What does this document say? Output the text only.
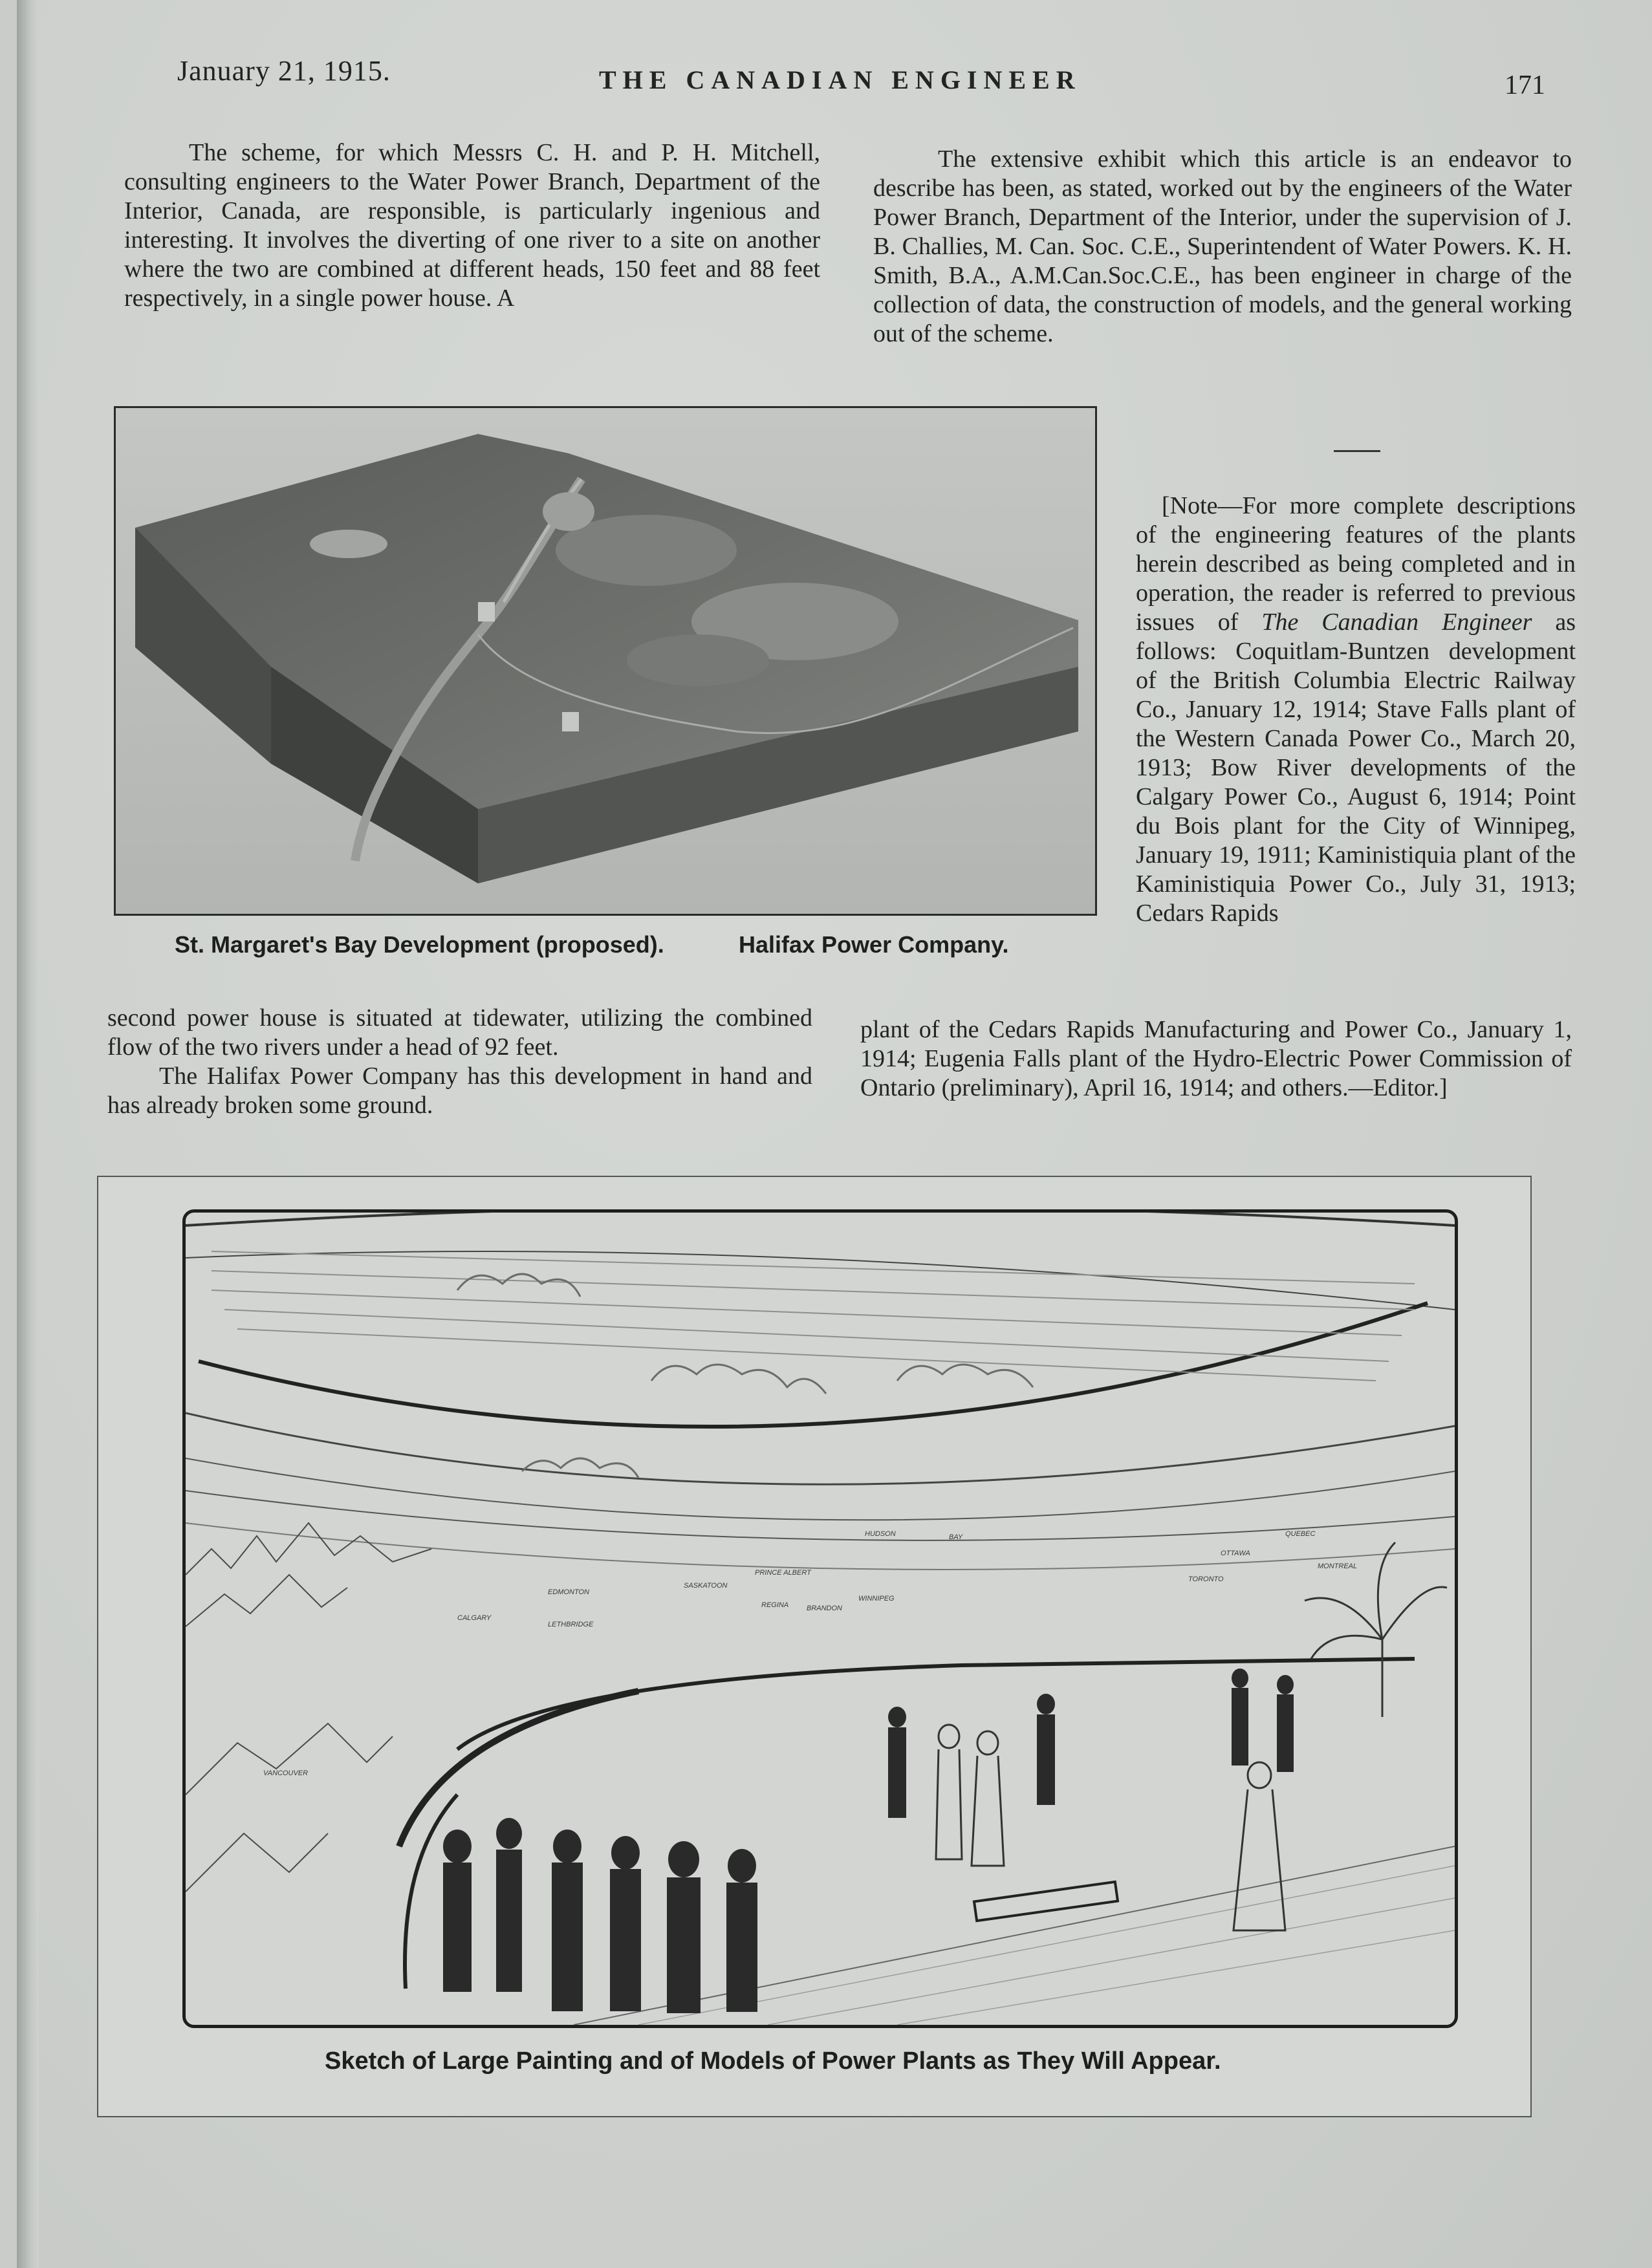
January 21, 1915.	THE CANADIAN ENGINEER	171

The scheme, for which Messrs C. H. and P. H. Mitchell, consulting engineers to the Water Power Branch, Department of the Interior, Canada, are responsible, is particularly ingenious and interesting. It involves the diverting of one river to a site on another where the two are combined at different heads, 150 feet and 88 feet respectively, in a single power house. A

The extensive exhibit which this article is an endeavor to describe has been, as stated, worked out by the engineers of the Water Power Branch, Department of the Interior, under the supervision of J. B. Challies, M. Can. Soc. C.E., Superintendent of Water Powers. K. H. Smith, B.A., A.M.Can.Soc.C.E., has been engineer in charge of the collection of data, the construction of models, and the general working out of the scheme.

St. Margaret's Bay Development (proposed).	Halifax Power Company.

[Note—For more complete descriptions of the engineering features of the plants herein described as being completed and in operation, the reader is referred to previous issues of The Canadian Engineer as follows: Coquitlam-Buntzen development of the British Columbia Electric Railway Co., January 12, 1914; Stave Falls plant of the Western Canada Power Co., March 20, 1913; Bow River developments of the Calgary Power Co., August 6, 1914; Point du Bois plant for the City of Winnipeg, January 19, 1911; Kaministiquia plant of the Kaministiquia Power Co., July 31, 1913; Cedars Rapids

plant of the Cedars Rapids Manufacturing and Power Co., January 1, 1914; Eugenia Falls plant of the Hydro-Electric Power Commission of Ontario (preliminary), April 16, 1914; and others.—Editor.]

second power house is situated at tidewater, utilizing the combined flow of the two rivers under a head of 92 feet.

The Halifax Power Company has this development in hand and has already broken some ground.

HUDSON	BAY	QUEBEC
OTTAWA
MONTREAL
TORONTO
WINNIPEG
EDMONTON
SASKATOON
PRINCE ALBERT
CALGARY
REGINA	BRANDON
LETHBRIDGE
VANCOUVER
Sketch of Large Painting and of Models of Power Plants as They Will Appear.
